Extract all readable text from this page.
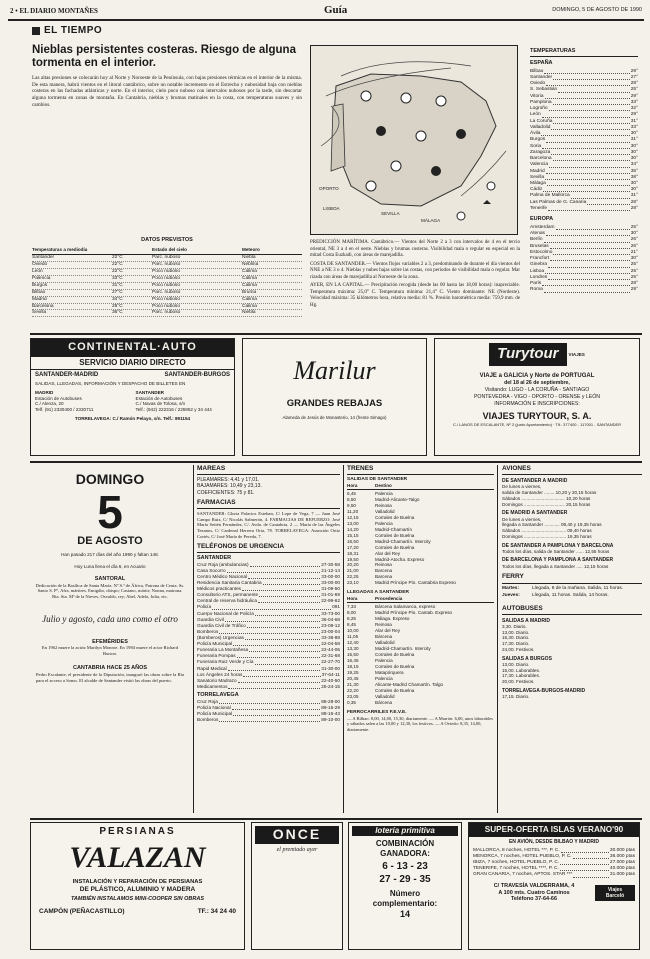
2 • EL DIARIO MONTAÑES	Guía	DOMINGO, 5 DE AGOSTO DE 1990
EL TIEMPO
Nieblas persistentes costeras. Riesgo de alguna tormenta en el interior.
Las altas presiones se colocarán hoy al Norte y Noroeste de la Península, con bajas presiones térmicas en el interior de la misma. De esta manera, habrá vientos en el litoral cantábrico, sobre un notable incremento en el Estrecho y nubosidad baja con nieblas costeras en las fachadas atlánticas y norte. En el interior, cielo poco nuboso con intervalos nubosos por la tarde, sin descartar alguna tormenta en zonas de montaña. En Cantabria, nieblas y brumas matinales en la costa, con temperaturas suaves y sin cambios.
DATOS PREVISTOS
Temperaturas a mediodía	Estado del cielo	Meteoro
Santander	22°C	Parc. nuboso	Niebla
Oviedo	22°C	Parc. nuboso	Neblina
León	22°C	Poco nuboso	Calima
Palencia	33°C	Poco nuboso	Calima
Burgos	31°C	Poco nuboso	Calima
Bilbao	27°C	Parc. nuboso	Bruma
Madrid	34°C	Poco nuboso	Calima
Barcelona	25°C	Poco nuboso	Calima
Sevilla	36°C	Parc. nuboso	Niebla
OPORTO
LISBOA
SEVILLA
MÁLAGA
PREDICCIÓN MARÍTIMA. Cantábrico.— Vientos del Norte 2 a 3 con intervalos de 4 en el tercio oriental, NE 3 a 4 en el oeste. Nieblas y brumas costeras. Visibilidad mala o regular en especial en la mitad Costa Euzkadi, con áreas de marejadilla.
COSTA DE SANTANDER.— Vientos flojos variables 2 a 3, predominando de durante el día vientos del NNE a NE 3 o 4. Nieblas y nubes bajas sobre las costas, con periodos de visibilidad mala o regular. Mar rizada con áreas de marejadilla al Noroeste de la zona.
AYER, EN LA CAPITAL.— Precipitación recogida (desde las 00 hasta las 18,00 horas): inapreciable. Temperatura máxima: 25,0° C. Temperatura mínima: 21,4° C. Viento dominante: NE (Nordeste). Velocidad máxima: 35 kilómetros hora, relativa media: 81 %. Presión barométrica media: 759,9 mm. de Hg.
TEMPERATURAS
ESPAÑA
Bilbao	29°
Santander	27°
Oviedo	28°
S. Sebastián	25°
Vitoria	29°
Pamplona	33°
Logroño	32°
León	29°
La Coruña	31°
Valladolid	33°
Ávila	30°
Burgos	31°
Soria	30°
Zaragoza	30°
Barcelona	30°
Valencia	34°
Madrid	35°
Sevilla	38°
Málaga	30°
Cádiz	30°
Palma de Mallorca	31°
Las Palmas de G. Canaria	28°
Tenerife	28°
EUROPA
Amsterdam	25°
Atenas	30°
Berlín	26°
Bruselas	26°
Estocolmo	21°
Francfort	30°
Ginebra	25°
Lisboa	25°
Londres	25°
París	28°
Roma	29°
CONTINENTAL·AUTO
SERVICIO DIARIO DIRECTO
SANTANDER-MADRID	SANTANDER-BURGOS
SALIDAS, LLEGADAS, INFORMACIÓN Y DESPACHO DE BILLETES EN
MADRID
Estación de Autobuses
C./ Alenza, 20
Telf. (91) 2330400 / 2330711
SANTANDER
Estación de Autobuses
C./ Navas de Tolosa, s/n
Telf.: (942) 222316 / 225952 y 34 444
TORRELAVEGA: C./ Ramón Pelayo, s/n. Telf.: 891154
Marilur
GRANDES REBAJAS
Alameda de Jesús de Monasterio, 14 (frente Simago)
Turytour	VIAJES
VIAJE a GALICIA y Norte de PORTUGAL
del 18 al 26 de septiembre,
Visitando: LUGO - LA CORUÑA - SANTIAGO
PONTEVEDRA - VIGO - OPORTO - ORENSE y LEÓN
INFORMACIÓN E INSCRIPCIONES:
VIAJES TURYTOUR, S. A.
C./ LANOS DE ESCALANTE, Nº 2 (junto Ayuntamiento) · Tlf.: 377400 - 117001 - SANTANDER
DOMINGO
5
DE AGOSTO
Han pasado 217 días del año 1990 y faltan 148.
Hoy Luna llena el día 6, en Acuario
SANTORAL
Dedicación de la Basílica de Santa María. Nº S.ª de África, Patrona de Ceuta. Ss. Santo S. Pº, Afra, mártires. Emigdio, obispo; Casiano, mártir; Nonna, matrona. Bta. Sta. Mª de la Nieves, Osvaldo, rey; Abel, Adela, Julia, etc.
Julio y agosto, cada uno como el otro
EFEMÉRIDES
En 1962 muere la actriz Marilyn Monroe. En 1984 muere el actor Richard Burton.
CANTABRIA HACE 25 AÑOS
Pedro Escalante, el presidente de la Diputación, inauguró las obras sobre la Ría para el acceso a Somo. El alcalde de Santander visitó las obras del puerto.
MAREAS
PLEAMARES: 4,41 y 17,01.
BAJAMARES: 10,49 y 23,13.
COEFICIENTES: 75 y 81.
FARMACIAS
SANTANDER: Gloria Palacios Esteban, C/ Lope de Vega, 7 — Juan José Campo Ruiz, C/ Nicolás Salmerón, 4. FARMACIAS DE REFUERZO: José María Setién Fernández, C/. Avda. de Cantabria, 2 — María de las Ángeles Tezanos, C/ Cardenal Herrera Oria, 78. TORRELAVEGA: Asunción Ortiz Cortés, C/ José María de Pereda, 7.
TELÉFONOS DE URGENCIA
SANTANDER
Cruz Roja (ambulancias)	27-30-58
Casa Socorro	21-12-14
Centro Médico Nacional	33-00-00
Residencia Sanitaria Cantabria	33-00-00
Médicos practicantes	31-09-50
Consultorio ATS, permanente	31-01-69
Central de reserva hidráulica	22-99-62
Policía	091
Cuerpo Nacional de Policía	33-73-00
Guardia Civil	36-04-68
Guardia Civil de Tráfico	23-08-12
Bomberos	23-00-04
(Bomberos) Urgencias	33-38-88
Policía Municipal	22-04-58
Funeraria La Montañesa	22-44-06
Funeraria Pompas	22-31-68
Funeraria Ruiz Verde y Cía	22-27-70
Rapid Medical	31-30-00
Los Ángeles 24 horas	37-64-11
Sanatorio Madrazo	22-40-50
Medicamentos	25-24-15
TORRELAVEGA
Cruz Roja	88-28-00
Policía Nacional	89-16-29
Policía Municipal	88-16-43
Bomberos	89-10-00
TRENES
SALIDAS DE SANTANDER
Hora	Destino
6,45	Palencia
8,50	Madrid-Alicante-Talgo
9,50	Reinosa
11,20	Valladolid
12,15	Corrales de Buelna
13,00	Palencia
14,20	Madrid-Chamartín
15,15	Corrales de Buelna
16,50	Madrid-Chamartín. Intercity
17,20	Corrales de Buelna
18,31	Alar del Rey
19,50	Madrid-Atocha. Expreso
20,20	Reinosa
21,00	Barcena
22,25	Barcena
23,10	Madrid Príncipe Pío. Cantabria Expreso
LLEGADAS A SANTANDER
Hora	Procedencia
7,33	Bárcena Salamanca, expreso
8,00	Madrid Príncipe Pío. Cantab. Expreso
8,25	Málaga. Expreso
8,45	Reinosa
10,00	Alar del Rey
11,05	Bárcena
12,40	Valladolid
13,30	Madrid-Chamartín. Intercity
15,50	Corrales de Buelna
16,45	Palencia
18,15	Corrales de Buelna
19,25	Matapórquera
20,45	Palencia
21,30	Alicante-Madrid Chamartín. Talgo
22,20	Corrales de Buelna
23,05	Valladolid
0,35	Bárcena
FERROCARRILES F.E.V.E.
— A Bilbao: 8,00, 14,00, 15,30, diariamente. — A Marrón: 6,00, unos laborables y sábados salen a las 10,00 y 12,30, los festivos. — A Oviedo: 8,35, 14,00, diariamente.
AVIONES
DE SANTANDER A MADRID
De lunes a viernes,
salida de Santander ........ 10,20 y 20,15 horas
Sábados .................................. 10,20 horas
Domingos ................................ 20,15 horas
DE MADRID A SANTANDER
De lunes a viernes,
llegada a Santander ............ 09,40 y 19,35 horas
Sábados ................................... 09,40 horas
Domingos ................................. 19,35 horas
DE SANTANDER A PAMPLONA Y BARCELONA
Todos los días, salida de Santander ...... 12,55 horas
DE BARCELONA Y PAMPLONA A SANTANDER
Todos los días, llegada a Santander ..... 12,15 horas
FERRY
Martes:	Llegada, 8 de la mañana. Salida, 11 horas.
Jueves:	Llegada, 11 horas. Salida, 14 horas.
AUTOBUSES
SALIDAS A MADRID
3,30. Diario.
13,00. Diario.
15,30. Diario.
17,30. Diario.
24,00. Festivos.
SALIDAS A BURGOS
13,00. Diario.
15,00. Laborables.
17,30. Laborables.
20,00. Festivos.
TORRELAVEGA-BURGOS-MADRID
17,15. Diario.
PERSIANAS
VALAZAN
INSTALACIÓN Y REPARACIÓN DE PERSIANAS
DE PLÁSTICO, ALUMINIO Y MADERA
TAMBIÉN INSTALAMOS MINI-COOPER SIN OBRAS
CAMPÓN (PEÑACASTILLO)	TF.: 34 24 40
ONCE
el premiado ayer
lotería primitiva
COMBINACIÓN
GANADORA:
6 - 13 - 23
27 - 29 - 35
Número
complementario:
14
SUPER-OFERTA ISLAS VERANO'90
EN AVIÓN, DESDE BILBAO Y MADRID
MALLORCA, 8 noches, HOTEL ***, P. C.	30.000 ptas
MENORCA, 7 noches, HOTEL PUEBLO, P. C.	36.000 ptas
IBIZA, 7 noches, HOTEL PUEBLO, P. C.	27.000 ptas
TENERIFE, 7 noches, HOTEL ****, P. C.	40.000 ptas
GRAN CANARIA, 7 noches, APTOS. STAR ***	31.000 ptas
C/ TRAVESÍA VALDERRAMA, 4
A 100 mts. Cuatro Caminos
Teléfono 37-64-66
Viajes Barceló
